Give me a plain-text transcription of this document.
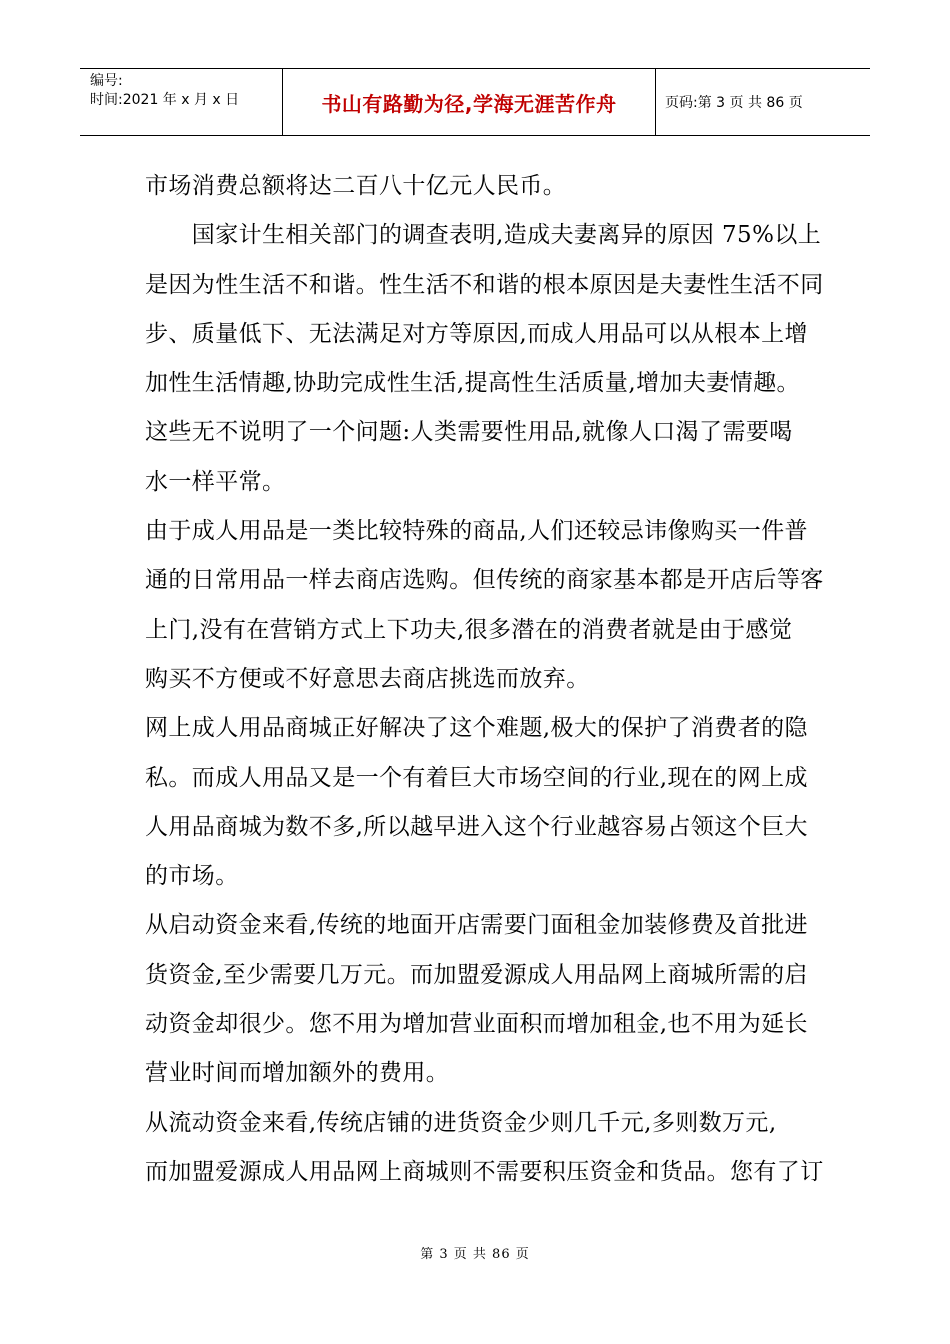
编号:
时间:2021 年 x 月 x 日	书山有路勤为径,学海无涯苦作舟	页码:第 3 页 共 86 页
市场消费总额将达二百八十亿元人民币。
　　国家计生相关部门的调查表明,造成夫妻离异的原因 75%以上
是因为性生活不和谐。性生活不和谐的根本原因是夫妻性生活不同
步、质量低下、无法满足对方等原因,而成人用品可以从根本上增
加性生活情趣,协助完成性生活,提高性生活质量,增加夫妻情趣。
这些无不说明了一个问题:人类需要性用品,就像人口渴了需要喝
水一样平常。
由于成人用品是一类比较特殊的商品,人们还较忌讳像购买一件普
通的日常用品一样去商店选购。但传统的商家基本都是开店后等客
上门,没有在营销方式上下功夫,很多潜在的消费者就是由于感觉
购买不方便或不好意思去商店挑选而放弃。
网上成人用品商城正好解决了这个难题,极大的保护了消费者的隐
私。而成人用品又是一个有着巨大市场空间的行业,现在的网上成
人用品商城为数不多,所以越早进入这个行业越容易占领这个巨大
的市场。
从启动资金来看,传统的地面开店需要门面租金加装修费及首批进
货资金,至少需要几万元。而加盟爱源成人用品网上商城所需的启
动资金却很少。您不用为增加营业面积而增加租金,也不用为延长
营业时间而增加额外的费用。
从流动资金来看,传统店铺的进货资金少则几千元,多则数万元,
而加盟爱源成人用品网上商城则不需要积压资金和货品。您有了订
第 3 页 共 86 页
